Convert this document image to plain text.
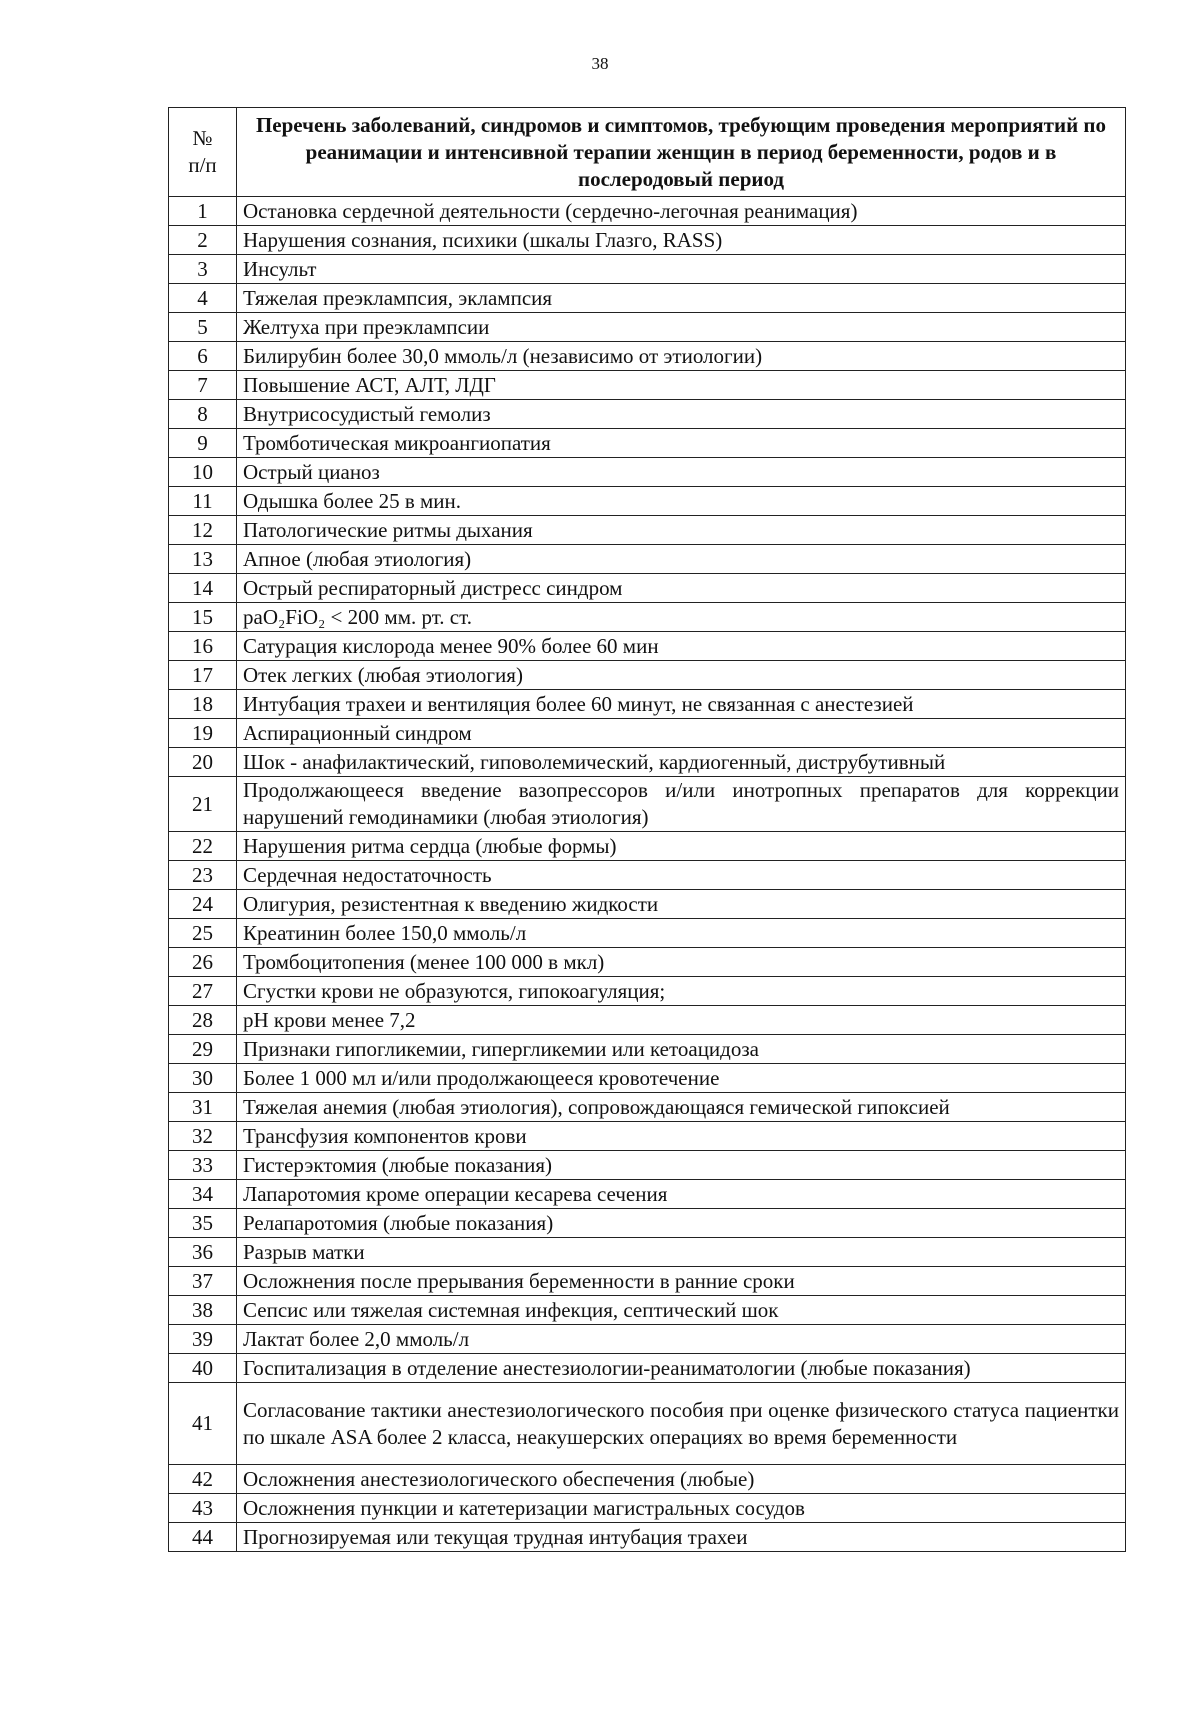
38
№
п/п	Перечень заболеваний, синдромов и симптомов, требующим проведения мероприятий по реанимации и интенсивной терапии женщин в период беременности, родов и в послеродовый период
1	Остановка сердечной деятельности (сердечно-легочная реанимация)
2	Нарушения сознания, психики (шкалы Глазго, RASS)
3	Инсульт
4	Тяжелая преэклампсия, эклампсия
5	Желтуха при преэклампсии
6	Билирубин более 30,0 ммоль/л (независимо от этиологии)
7	Повышение АСТ, АЛТ, ЛДГ
8	Внутрисосудистый гемолиз
9	Тромботическая микроангиопатия
10	Острый цианоз
11	Одышка более 25 в мин.
12	Патологические ритмы дыхания
13	Апное (любая этиология)
14	Острый респираторный дистресс синдром
15	paO₂FiO₂ < 200 мм. рт. ст.
16	Сатурация кислорода менее 90% более 60 мин
17	Отек легких (любая этиология)
18	Интубация трахеи и вентиляция более 60 минут, не связанная с анестезией
19	Аспирационный синдром
20	Шок - анафилактический, гиповолемический, кардиогенный, диструбутивный
21	Продолжающееся введение вазопрессоров и/или инотропных препаратов для коррекции нарушений гемодинамики (любая этиология)
22	Нарушения ритма сердца (любые формы)
23	Сердечная недостаточность
24	Олигурия, резистентная к введению жидкости
25	Креатинин более 150,0 ммоль/л
26	Тромбоцитопения (менее 100 000 в мкл)
27	Сгустки крови не образуются, гипокоагуляция;
28	pH крови менее 7,2
29	Признаки гипогликемии, гипергликемии или кетоацидоза
30	Более 1 000 мл и/или продолжающееся кровотечение
31	Тяжелая анемия (любая этиология), сопровождающаяся гемической гипоксией
32	Трансфузия компонентов крови
33	Гистерэктомия (любые показания)
34	Лапаротомия кроме операции кесарева сечения
35	Релапаротомия (любые показания)
36	Разрыв матки
37	Осложнения после прерывания беременности в ранние сроки
38	Сепсис или тяжелая системная инфекция, септический шок
39	Лактат более 2,0 ммоль/л
40	Госпитализация в отделение анестезиологии-реаниматологии (любые показания)
41	Согласование тактики анестезиологического пособия при оценке физического статуса пациентки по шкале ASA более 2 класса, неакушерских операциях во время беременности
42	Осложнения анестезиологического обеспечения (любые)
43	Осложнения пункции и катетеризации магистральных сосудов
44	Прогнозируемая или текущая трудная интубация трахеи
